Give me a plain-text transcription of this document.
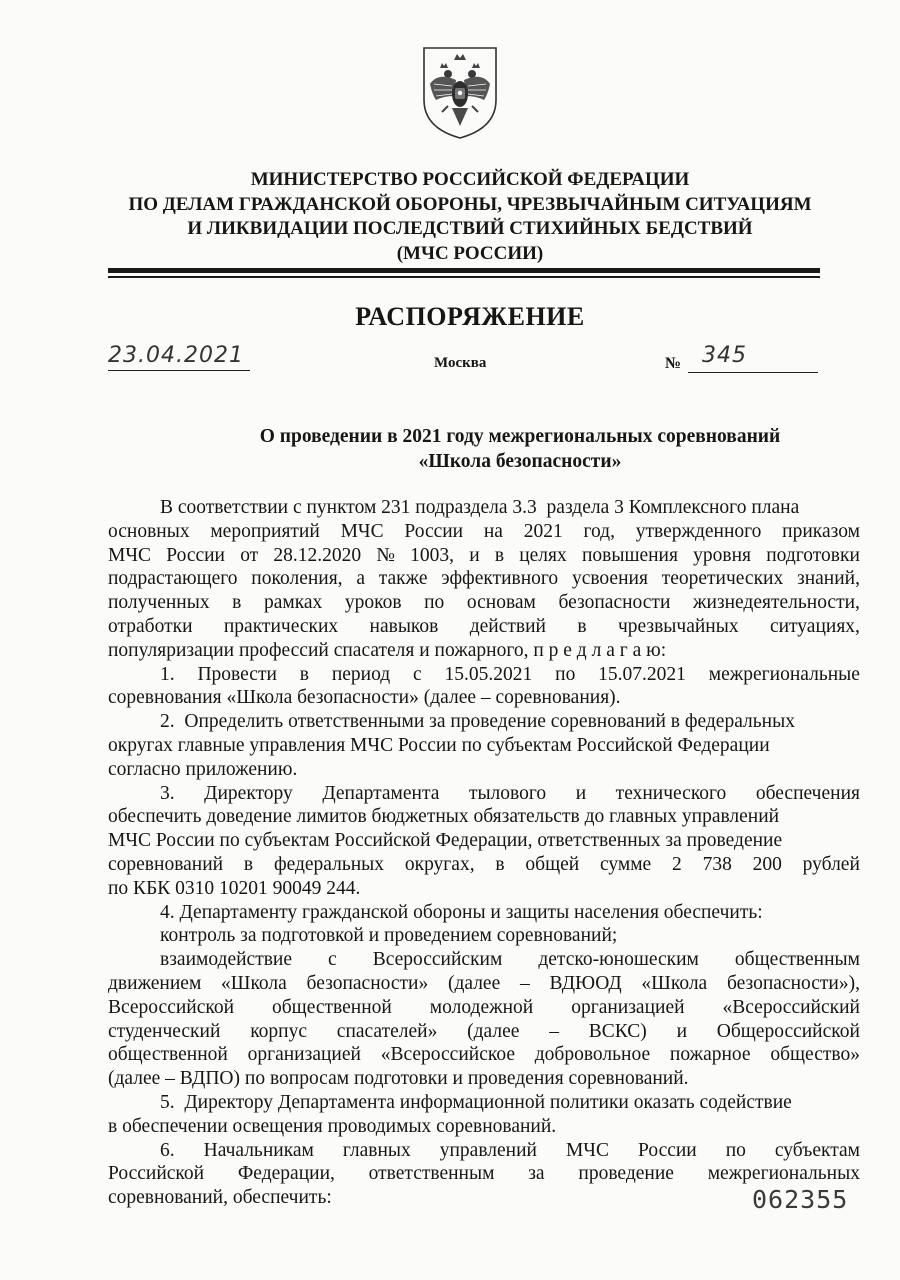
МИНИСТЕРСТВО РОССИЙСКОЙ ФЕДЕРАЦИИ
ПО ДЕЛАМ ГРАЖДАНСКОЙ ОБОРОНЫ, ЧРЕЗВЫЧАЙНЫМ СИТУАЦИЯМ
И ЛИКВИДАЦИИ ПОСЛЕДСТВИЙ СТИХИЙНЫХ БЕДСТВИЙ
(МЧС РОССИИ)
РАСПОРЯЖЕНИЕ
23.04.2021	Москва	№ 345
О проведении в 2021 году межрегиональных соревнований
«Школа безопасности»
В соответствии с пунктом 231 подраздела 3.3  раздела 3 Комплексного плана
основных мероприятий МЧС России на 2021 год, утвержденного приказом
МЧС России от 28.12.2020 № 1003, и в целях повышения уровня подготовки
подрастающего поколения, а также эффективного усвоения теоретических знаний,
полученных в рамках уроков по основам безопасности жизнедеятельности,
отработки практических навыков действий в чрезвычайных ситуациях,
популяризации профессий спасателя и пожарного, п р е д л а г а ю:
1. Провести в период с 15.05.2021 по 15.07.2021 межрегиональные
соревнования «Школа безопасности» (далее – соревнования).
2.  Определить ответственными за проведение соревнований в федеральных
округах главные управления МЧС России по субъектам Российской Федерации
согласно приложению.
3. Директору Департамента тылового и технического обеспечения
обеспечить доведение лимитов бюджетных обязательств до главных управлений
МЧС России по субъектам Российской Федерации, ответственных за проведение
соревнований в федеральных округах, в общей сумме 2 738 200 рублей
по КБК 0310 10201 90049 244.
4. Департаменту гражданской обороны и защиты населения обеспечить:
контроль за подготовкой и проведением соревнований;
взаимодействие с Всероссийским детско-юношеским общественным
движением «Школа безопасности» (далее – ВДЮОД «Школа безопасности»),
Всероссийской общественной молодежной организацией «Всероссийский
студенческий корпус спасателей» (далее – ВСКС) и Общероссийской
общественной организацией «Всероссийское добровольное пожарное общество»
(далее – ВДПО) по вопросам подготовки и проведения соревнований.
5.  Директору Департамента информационной политики оказать содействие
в обеспечении освещения проводимых соревнований.
6. Начальникам главных управлений МЧС России по субъектам
Российской Федерации, ответственным за проведение межрегиональных
соревнований, обеспечить:	062355
